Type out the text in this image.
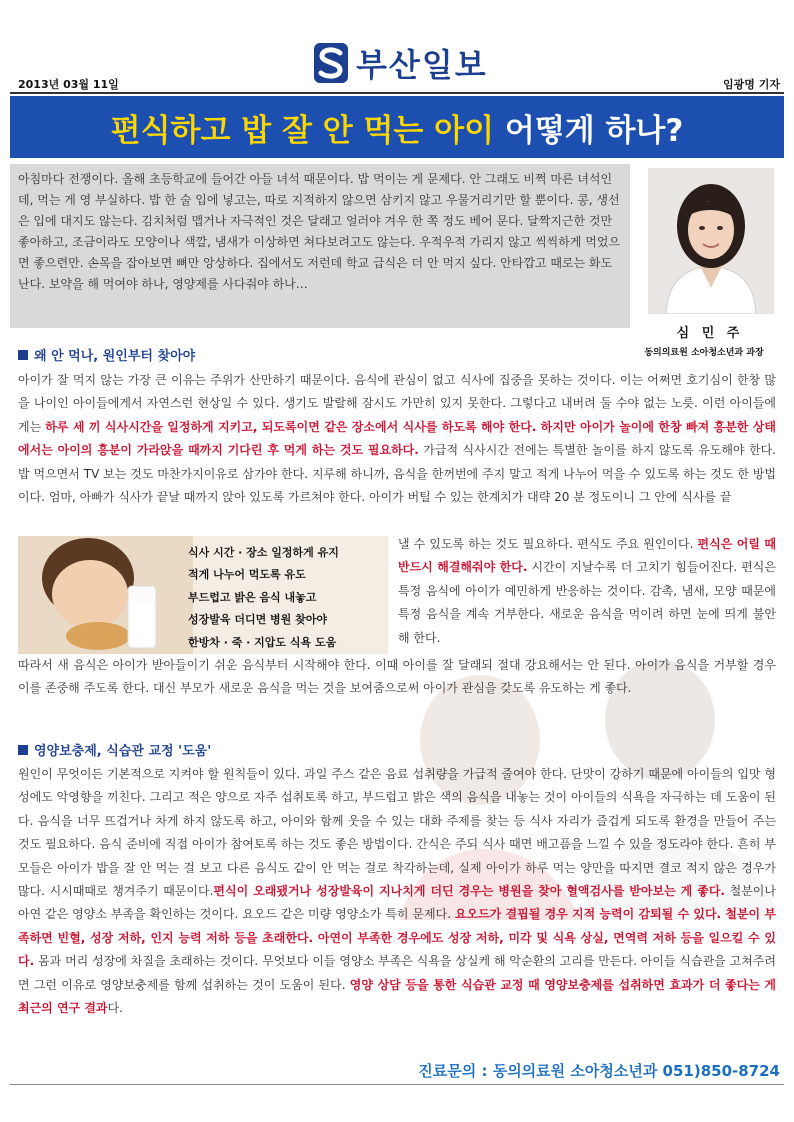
2013년 03월 11일
부산일보
임광명 기자
편식하고 밥 잘 안 먹는 아이 어떻게 하나?
아침마다 전쟁이다. 올해 초등학교에 들어간 아들 녀석 때문이다. 밥 먹이는 게 문제다. 안 그래도 비쩍 마른 녀석인데, 먹는 게 영 부실하다. 밥 한 술 입에 넣고는, 따로 지적하지 않으면 삼키지 않고 우물거리기만 할 뿐이다. 콩, 생선은 입에 대지도 않는다. 김치처럼 맵거나 자극적인 것은 달래고 얼러야 겨우 한 쪽 정도 베어 문다. 달짝지근한 것만 좋아하고, 조금이라도 모양이나 색깔, 냄새가 이상하면 쳐다보려고도 않는다. 우적우적 가리지 않고 씩씩하게 먹었으면 좋으련만. 손목을 잡아보면 뼈만 앙상하다. 집에서도 저런데 학교 급식은 더 안 먹지 싶다. 안타깝고 때로는 화도 난다. 보약을 해 먹여야 하나, 영양제를 사다줘야 하나…
심 민 주
동의의료원 소아청소년과 과장
왜 안 먹나, 원인부터 찾아야
아이가 잘 먹지 않는 가장 큰 이유는 주위가 산만하기 때문이다. 음식에 관심이 없고 식사에 집중을 못하는 것이다. 이는 어쩌면 호기심이 한창 많을 나이인 아이들에게서 자연스런 현상일 수 있다. 생기도 발랄해 잠시도 가만히 있지 못한다. 그렇다고 내버려 둘 수야 없는 노릇. 이런 아이들에게는 하루 세 끼 식사시간을 일정하게 지키고, 되도록이면 같은 장소에서 식사를 하도록 해야 한다. 하지만 아이가 놀이에 한창 빠져 흥분한 상태에서는 아이의 흥분이 가라앉을 때까지 기다린 후 먹게 하는 것도 필요하다. 가급적 식사시간 전에는 특별한 놀이를 하지 않도록 유도해야 한다. 밥 먹으면서 TV 보는 것도 마찬가지이유로 삼가야 한다. 지루해 하니까, 음식을 한꺼번에 주지 말고 적게 나누어 먹을 수 있도록 하는 것도 한 방법이다. 엄마, 아빠가 식사가 끝날 때까지 앉아 있도록 가르쳐야 한다. 아이가 버틸 수 있는 한계치가 대략 20 분 정도이니 그 안에 식사를 끝
식사 시간 · 장소 일정하게 유지
적게 나누어 먹도록 유도
부드럽고 밝은 음식 내놓고
성장발육 더디면 병원 찾아야
한방차 · 죽 · 지압도 식욕 도움
낼 수 있도록 하는 것도 필요하다. 편식도 주요 원인이다. 편식은 어릴 때 반드시 해결해줘야 한다. 시간이 지날수록 더 고치기 힘들어진다. 편식은 특정 음식에 아이가 예민하게 반응하는 것이다. 감촉, 냄새, 모양 때문에 특정 음식을 계속 거부한다. 새로운 음식을 먹이려 하면 눈에 띄게 불안해 한다.
따라서 새 음식은 아이가 받아들이기 쉬운 음식부터 시작해야 한다. 이때 아이를 잘 달래되 절대 강요해서는 안 된다. 아이가 음식을 거부할 경우 이를 존중해 주도록 한다. 대신 부모가 새로운 음식을 먹는 것을 보여줌으로써 아이가 관심을 갖도록 유도하는 게 좋다.
영양보충제, 식습관 교정 '도움'
원인이 무엇이든 기본적으로 지켜야 할 원칙들이 있다. 과일 주스 같은 음료 섭취량을 가급적 줄여야 한다. 단맛이 강하기 때문에 아이들의 입맛 형성에도 악영향을 끼친다. 그리고 적은 양으로 자주 섭취토록 하고, 부드럽고 밝은 색의 음식을 내놓는 것이 아이들의 식욕을 자극하는 데 도움이 된다. 음식을 너무 뜨겁거나 차게 하지 않도록 하고, 아이와 함께 웃을 수 있는 대화 주제를 찾는 등 식사 자리가 즐겁게 되도록 환경을 만들어 주는 것도 필요하다. 음식 준비에 직접 아이가 참여토록 하는 것도 좋은 방법이다. 간식은 주되 식사 때면 배고픔을 느낄 수 있을 정도라야 한다. 흔히 부모들은 아이가 밥을 잘 안 먹는 걸 보고 다른 음식도 같이 안 먹는 걸로 착각하는데, 실제 아이가 하루 먹는 양만을 따지면 결코 적지 않은 경우가 많다. 시시때때로 챙겨주기 때문이다.편식이 오래됐거나 성장발육이 지나치게 더딘 경우는 병원을 찾아 혈액검사를 받아보는 게 좋다. 철분이나 아연 같은 영양소 부족을 확인하는 것이다. 요오드 같은 미량 영양소가 특히 문제다. 요오드가 결핍될 경우 지적 능력이 감퇴될 수 있다. 철분이 부족하면 빈혈, 성장 저하, 인지 능력 저하 등을 초래한다. 아연이 부족한 경우에도 성장 저하, 미각 및 식욕 상실, 면역력 저하 등을 일으킬 수 있다. 몸과 머리 성장에 차질을 초래하는 것이다. 무엇보다 이들 영양소 부족은 식욕을 상실케 해 악순환의 고리를 만든다. 아이들 식습관을 고쳐주려면 그런 이유로 영양보충제를 함께 섭취하는 것이 도움이 된다. 영양 상담 등을 통한 식습관 교정 때 영양보충제를 섭취하면 효과가 더 좋다는 게 최근의 연구 결과다.
진료문의 : 동의의료원 소아청소년과 051)850-8724
